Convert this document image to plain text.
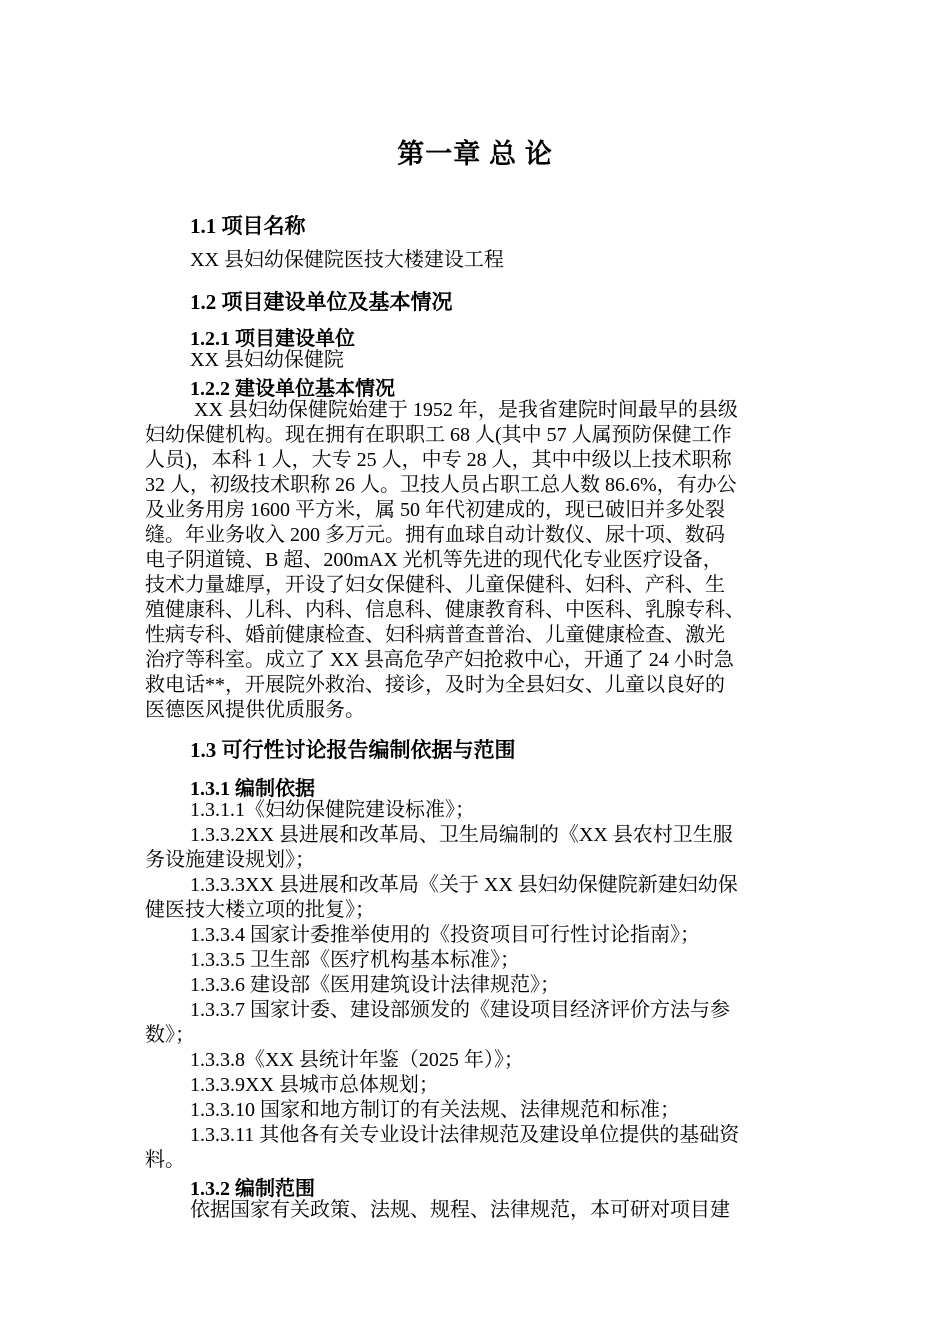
第一章 总 论
1.1 项目名称
XX 县妇幼保健院医技大楼建设工程
1.2 项目建设单位及基本情况
1.2.1 项目建设单位
XX 县妇幼保健院
1.2.2 建设单位基本情况
XX 县妇幼保健院始建于 1952 年，是我省建院时间最早的县级
妇幼保健机构。现在拥有在职职工 68 人(其中 57 人属预防保健工作
人员)，本科 1 人，大专 25 人，中专 28 人，其中中级以上技术职称
32 人，初级技术职称 26 人。卫技人员占职工总人数 86.6%，有办公
及业务用房 1600 平方米，属 50 年代初建成的，现已破旧并多处裂
缝。年业务收入 200 多万元。拥有血球自动计数仪、尿十项、数码
电子阴道镜、B 超、200mAX 光机等先进的现代化专业医疗设备，
技术力量雄厚，开设了妇女保健科、儿童保健科、妇科、产科、生
殖健康科、儿科、内科、信息科、健康教育科、中医科、乳腺专科、
性病专科、婚前健康检查、妇科病普查普治、儿童健康检查、激光
治疗等科室。成立了 XX 县高危孕产妇抢救中心，开通了 24 小时急
救电话**，开展院外救治、接诊，及时为全县妇女、儿童以良好的
医德医风提供优质服务。
1.3 可行性讨论报告编制依据与范围
1.3.1 编制依据
1.3.1.1《妇幼保健院建设标准》；
1.3.3.2XX 县进展和改革局、卫生局编制的《XX 县农村卫生服
务设施建设规划》；
1.3.3.3XX 县进展和改革局《关于 XX 县妇幼保健院新建妇幼保
健医技大楼立项的批复》；
1.3.3.4 国家计委推举使用的《投资项目可行性讨论指南》；
1.3.3.5 卫生部《医疗机构基本标准》；
1.3.3.6 建设部《医用建筑设计法律规范》；
1.3.3.7 国家计委、建设部颁发的《建设项目经济评价方法与参
数》；
1.3.3.8《XX 县统计年鉴（2025 年）》；
1.3.3.9XX 县城市总体规划；
1.3.3.10 国家和地方制订的有关法规、法律规范和标准；
1.3.3.11 其他各有关专业设计法律规范及建设单位提供的基础资
料。
1.3.2 编制范围
依据国家有关政策、法规、规程、法律规范，本可研对项目建
